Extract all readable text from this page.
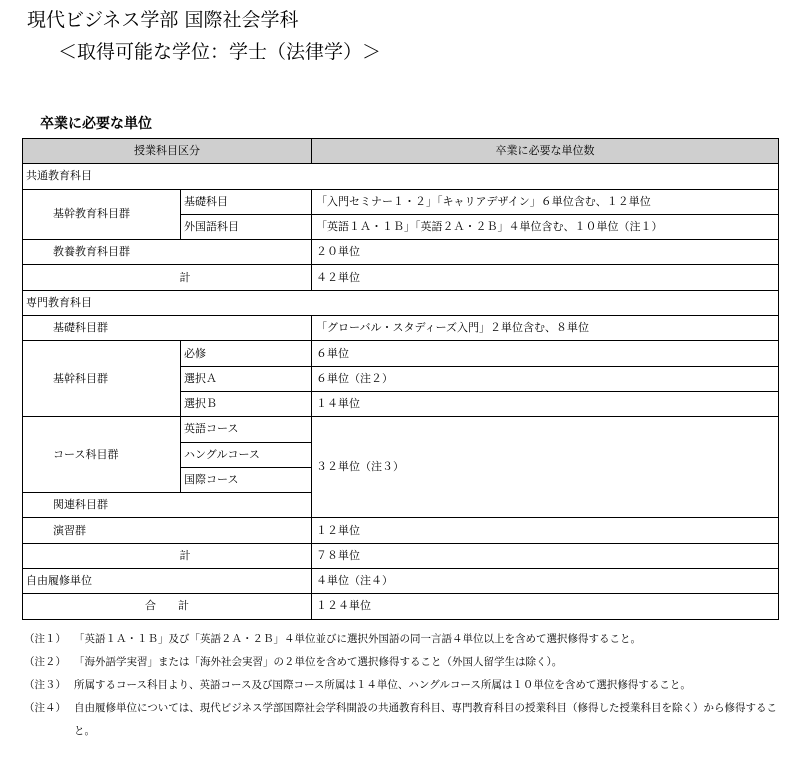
現代ビジネス学部 国際社会学科
＜取得可能な学位：学士（法律学）＞
卒業に必要な単位
授業科目区分		卒業に必要な単位数
共通教育科目		
基幹教育科目群	基礎科目	「入門セミナー１・２」「キャリアデザイン」６単位含む、１２単位
	外国語科目	「英語１Ａ・１Ｂ」「英語２Ａ・２Ｂ」４単位含む、１０単位（注１）
教養教育科目群		２０単位
計		４２単位
専門教育科目		
基礎科目群		「グローバル・スタディーズ入門」２単位含む、８単位
基幹科目群	必修	６単位
	選択Ａ	６単位（注２）
	選択Ｂ	１４単位
コース科目群	英語コース	３２単位（注３）
	ハングルコース	
	国際コース	
関連科目群		
演習群		１２単位
計		７８単位
自由履修単位		４単位（注４）
合　　計		１２４単位
（注１） 「英語１Ａ・１Ｂ」及び「英語２Ａ・２Ｂ」４単位並びに選択外国語の同一言語４単位以上を含めて選択修得すること。
（注２） 「海外語学実習」または「海外社会実習」の２単位を含めて選択修得すること（外国人留学生は除く）。
（注３） 所属するコース科目より、英語コース及び国際コース所属は１４単位、ハングルコース所属は１０単位を含めて選択修得すること。
（注４） 自由履修単位については、現代ビジネス学部国際社会学科開設の共通教育科目、専門教育科目の授業科目（修得した授業科目を除く）から修得すること。
